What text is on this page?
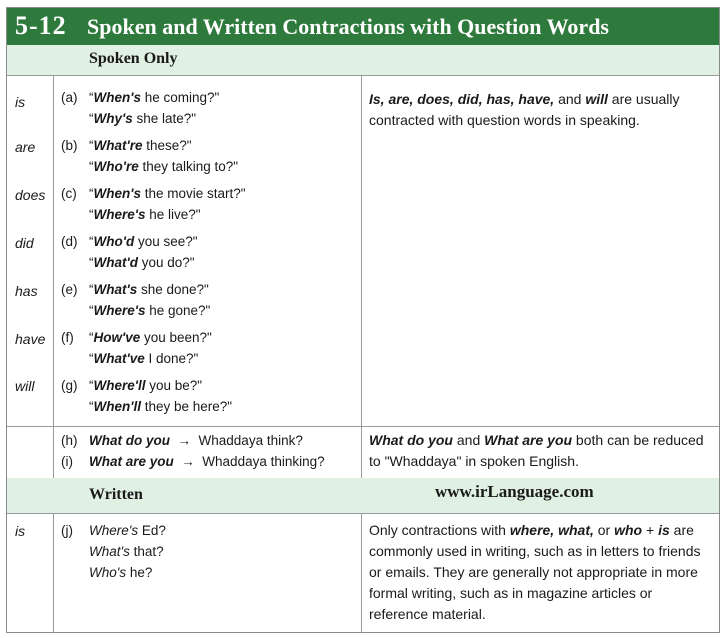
5-12 Spoken and Written Contractions with Question Words
Spoken Only
is	(a) “When's he coming?"
“Why's she late?"
are (b) “What're these?"
“Who're they talking to?"
does (c) “When's the movie start?"
“Where's he live?"
did (d) “Who'd you see?"
“What'd you do?"
has (e) “What's she done?"
“Where's he gone?"
have (f) “How've you been?"
“What've I done?"
will (g) “Where'll you be?"
“When'll they be here?"
Is, are, does, did, has, have, and will are usually contracted with question words in speaking.
(h) What do you → Whaddaya think?
(i) What are you → Whaddaya thinking?
What do you and What are you both can be reduced to "Whaddaya" in spoken English.
Written	www.irLanguage.com
is	(j) Where's Ed?
What's that?
Who's he?
Only contractions with where, what, or who + is are commonly used in writing, such as in letters to friends or emails. They are generally not appropriate in more formal writing, such as in magazine articles or reference material.
